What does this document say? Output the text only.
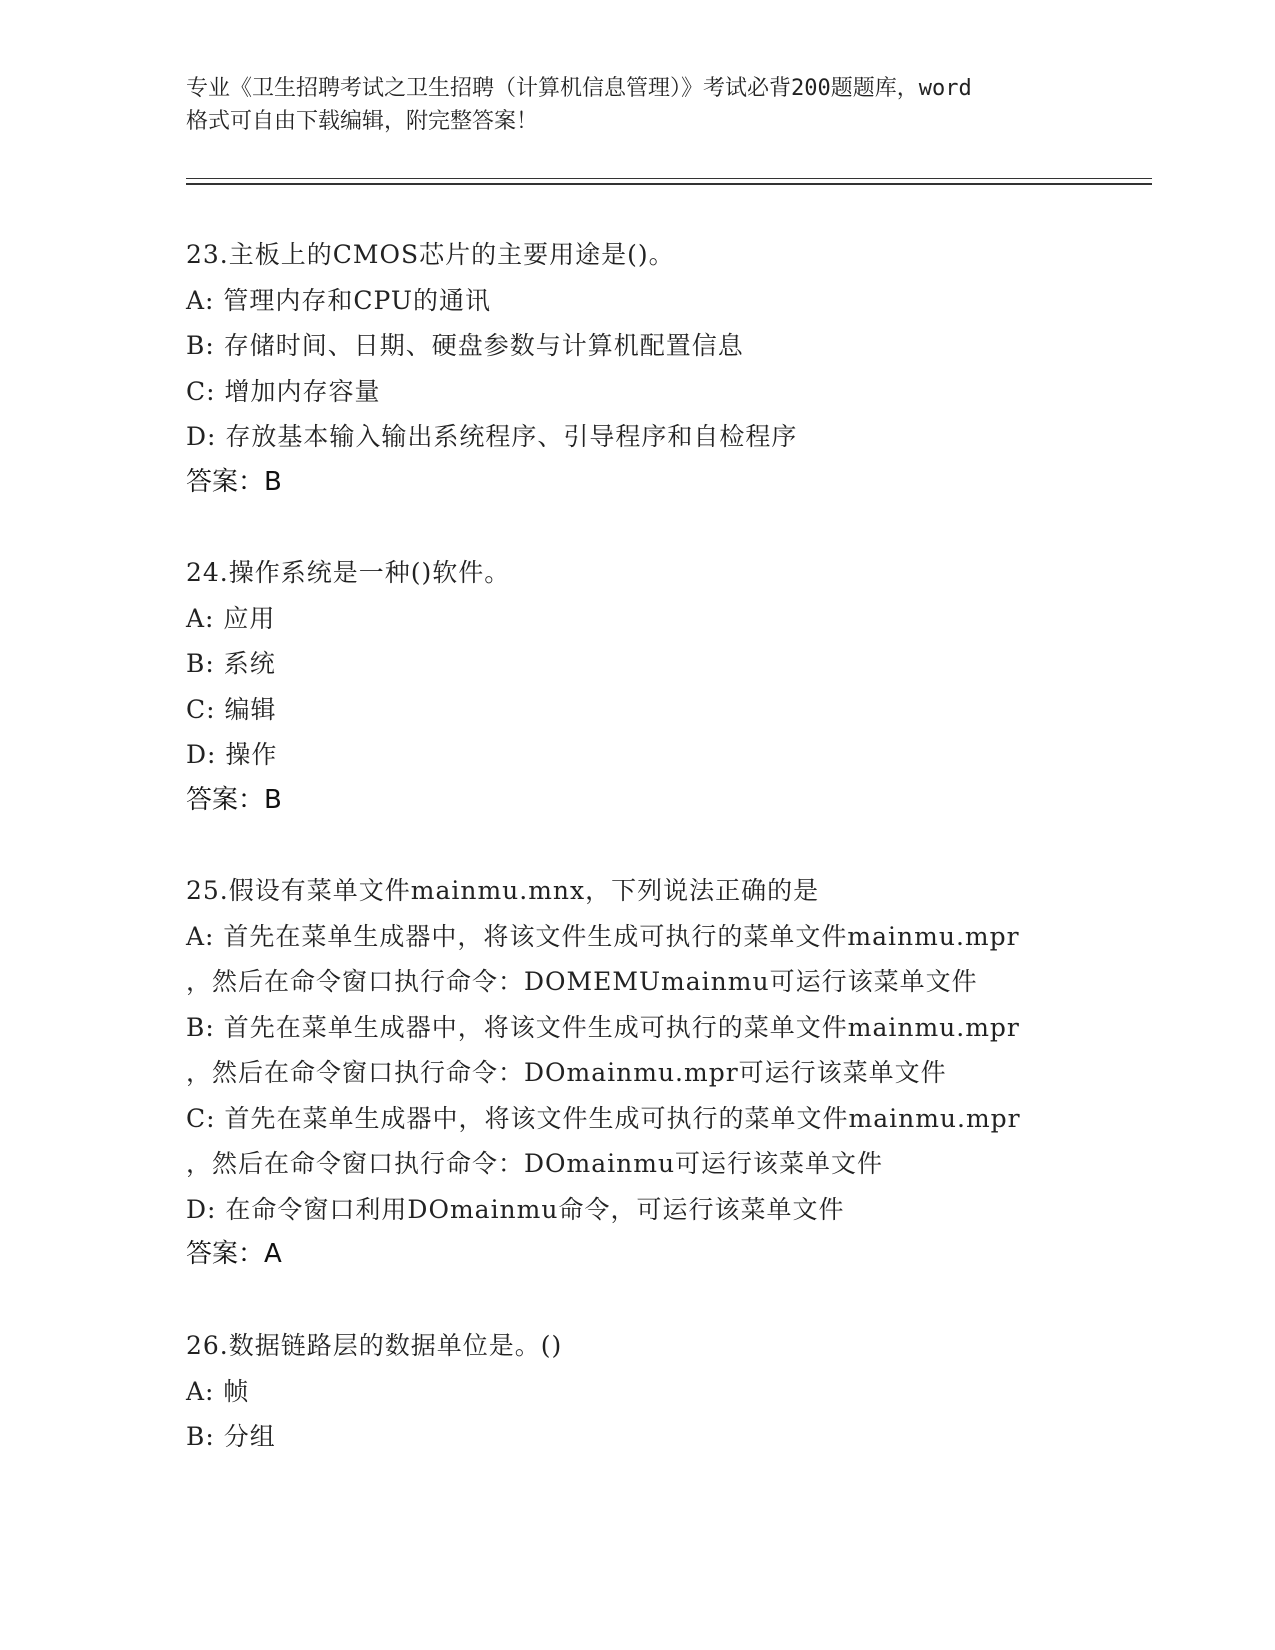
专业《卫生招聘考试之卫生招聘（计算机信息管理）》考试必背200题题库，word
格式可自由下载编辑，附完整答案！
23.主板上的CMOS芯片的主要用途是()。
A: 管理内存和CPU的通讯
B: 存储时间、日期、硬盘参数与计算机配置信息
C: 增加内存容量
D: 存放基本输入输出系统程序、引导程序和自检程序
答案：B
24.操作系统是一种()软件。
A: 应用
B: 系统
C: 编辑
D: 操作
答案：B
25.假设有菜单文件mainmu.mnx，下列说法正确的是
A: 首先在菜单生成器中，将该文件生成可执行的菜单文件mainmu.mpr
，然后在命令窗口执行命令：DOMEMUmainmu可运行该菜单文件
B: 首先在菜单生成器中，将该文件生成可执行的菜单文件mainmu.mpr
，然后在命令窗口执行命令：DOmainmu.mpr可运行该菜单文件
C: 首先在菜单生成器中，将该文件生成可执行的菜单文件mainmu.mpr
，然后在命令窗口执行命令：DOmainmu可运行该菜单文件
D: 在命令窗口利用DOmainmu命令，可运行该菜单文件
答案：A
26.数据链路层的数据单位是。()
A: 帧
B: 分组
